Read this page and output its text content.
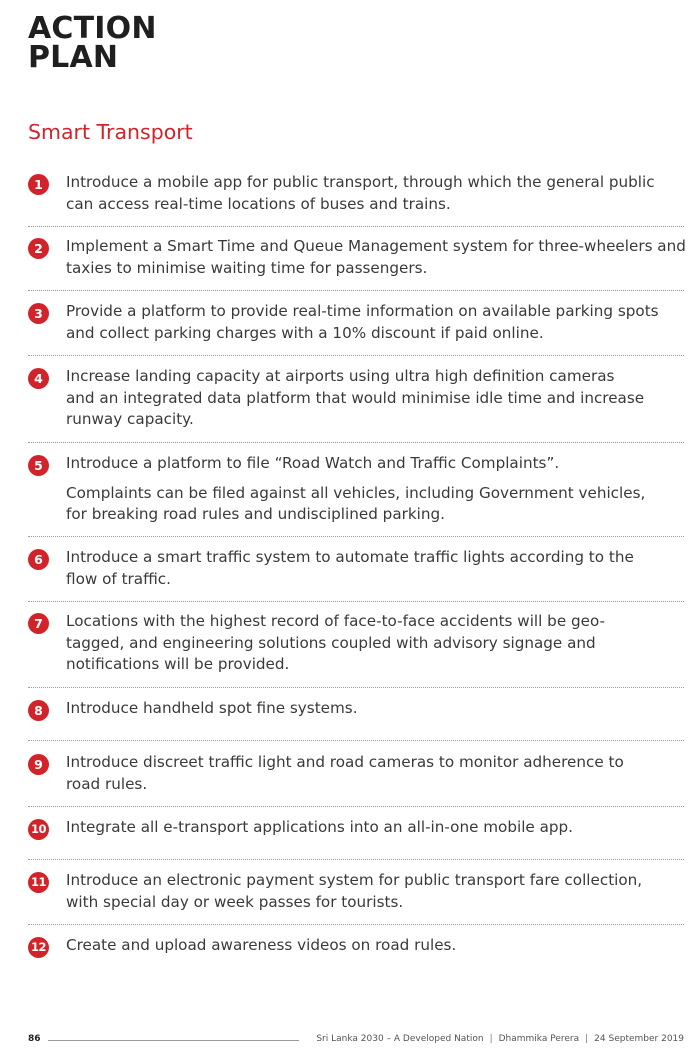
ACTION
PLAN
Smart Transport
1	Introduce a mobile app for public transport, through which the general public can access real-time locations of buses and trains.

2	Implement a Smart Time and Queue Management system for three-wheelers and taxies to minimise waiting time for passengers.

3	Provide a platform to provide real-time information on available parking spots and collect parking charges with a 10% discount if paid online.

4	Increase landing capacity at airports using ultra high definition cameras and an integrated data platform that would minimise idle time and increase runway capacity.

5	Introduce a platform to file “Road Watch and Traffic Complaints”.

Complaints can be filed against all vehicles, including Government vehicles, for breaking road rules and undisciplined parking.

6	Introduce a smart traffic system to automate traffic lights according to the flow of traffic.

7	Locations with the highest record of face-to-face accidents will be geo-tagged, and engineering solutions coupled with advisory signage and notifications will be provided.

8	Introduce handheld spot fine systems.

9	Introduce discreet traffic light and road cameras to monitor adherence to road rules.

10 Integrate all e-transport applications into an all-in-one mobile app.

11 Introduce an electronic payment system for public transport fare collection, with special day or week passes for tourists.

12 Create and upload awareness videos on road rules.

86	Sri Lanka 2030 – A Developed Nation | Dhammika Perera | 24 September 2019
